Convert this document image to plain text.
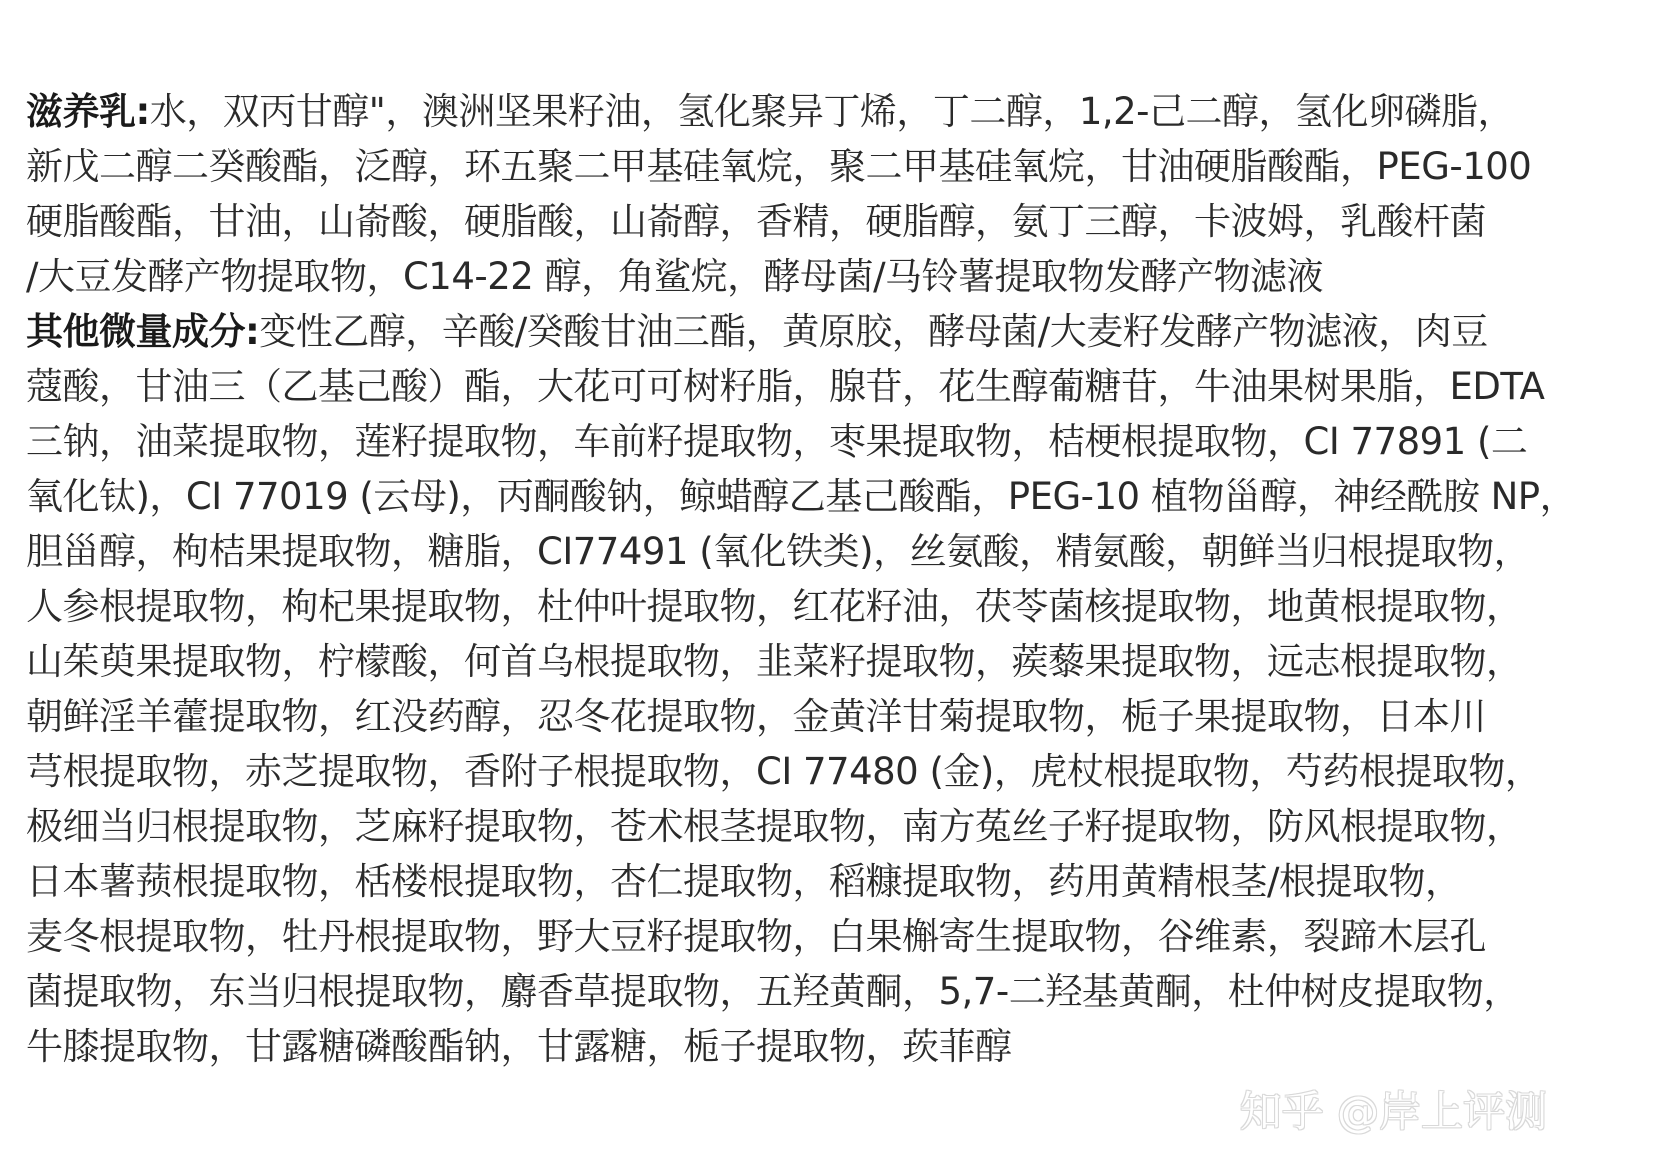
滋养乳:水，双丙甘醇"，澳洲坚果籽油，氢化聚异丁烯，丁二醇，1,2-己二醇，氢化卵磷脂，
新戊二醇二癸酸酯，泛醇，环五聚二甲基硅氧烷，聚二甲基硅氧烷，甘油硬脂酸酯，PEG-100
硬脂酸酯，甘油，山嵛酸，硬脂酸，山嵛醇，香精，硬脂醇，氨丁三醇，卡波姆，乳酸杆菌
/大豆发酵产物提取物，C14-22 醇，角鲨烷，酵母菌/马铃薯提取物发酵产物滤液
其他微量成分:变性乙醇，辛酸/癸酸甘油三酯，黄原胶，酵母菌/大麦籽发酵产物滤液，肉豆
蔻酸，甘油三（乙基己酸）酯，大花可可树籽脂，腺苷，花生醇葡糖苷，牛油果树果脂，EDTA
三钠，油菜提取物，莲籽提取物，车前籽提取物，枣果提取物，桔梗根提取物，CI 77891 (二
氧化钛)，CI 77019 (云母)，丙酮酸钠，鲸蜡醇乙基己酸酯，PEG-10 植物甾醇，神经酰胺 NP，
胆甾醇，枸桔果提取物，糖脂，CI77491 (氧化铁类)，丝氨酸，精氨酸，朝鲜当归根提取物，
人参根提取物，枸杞果提取物，杜仲叶提取物，红花籽油，茯苓菌核提取物，地黄根提取物，
山茱萸果提取物，柠檬酸，何首乌根提取物，韭菜籽提取物，蒺藜果提取物，远志根提取物，
朝鲜淫羊藿提取物，红没药醇，忍冬花提取物，金黄洋甘菊提取物，栀子果提取物，日本川
芎根提取物，赤芝提取物，香附子根提取物，CI 77480 (金)，虎杖根提取物，芍药根提取物，
极细当归根提取物，芝麻籽提取物，苍术根茎提取物，南方菟丝子籽提取物，防风根提取物，
日本薯蓣根提取物，栝楼根提取物，杏仁提取物，稻糠提取物，药用黄精根茎/根提取物，
麦冬根提取物，牡丹根提取物，野大豆籽提取物，白果槲寄生提取物，谷维素，裂蹄木层孔
菌提取物，东当归根提取物，麝香草提取物，五羟黄酮，5,7-二羟基黄酮，杜仲树皮提取物，
牛膝提取物，甘露糖磷酸酯钠，甘露糖，栀子提取物，莰菲醇
知乎 @岸上评测
